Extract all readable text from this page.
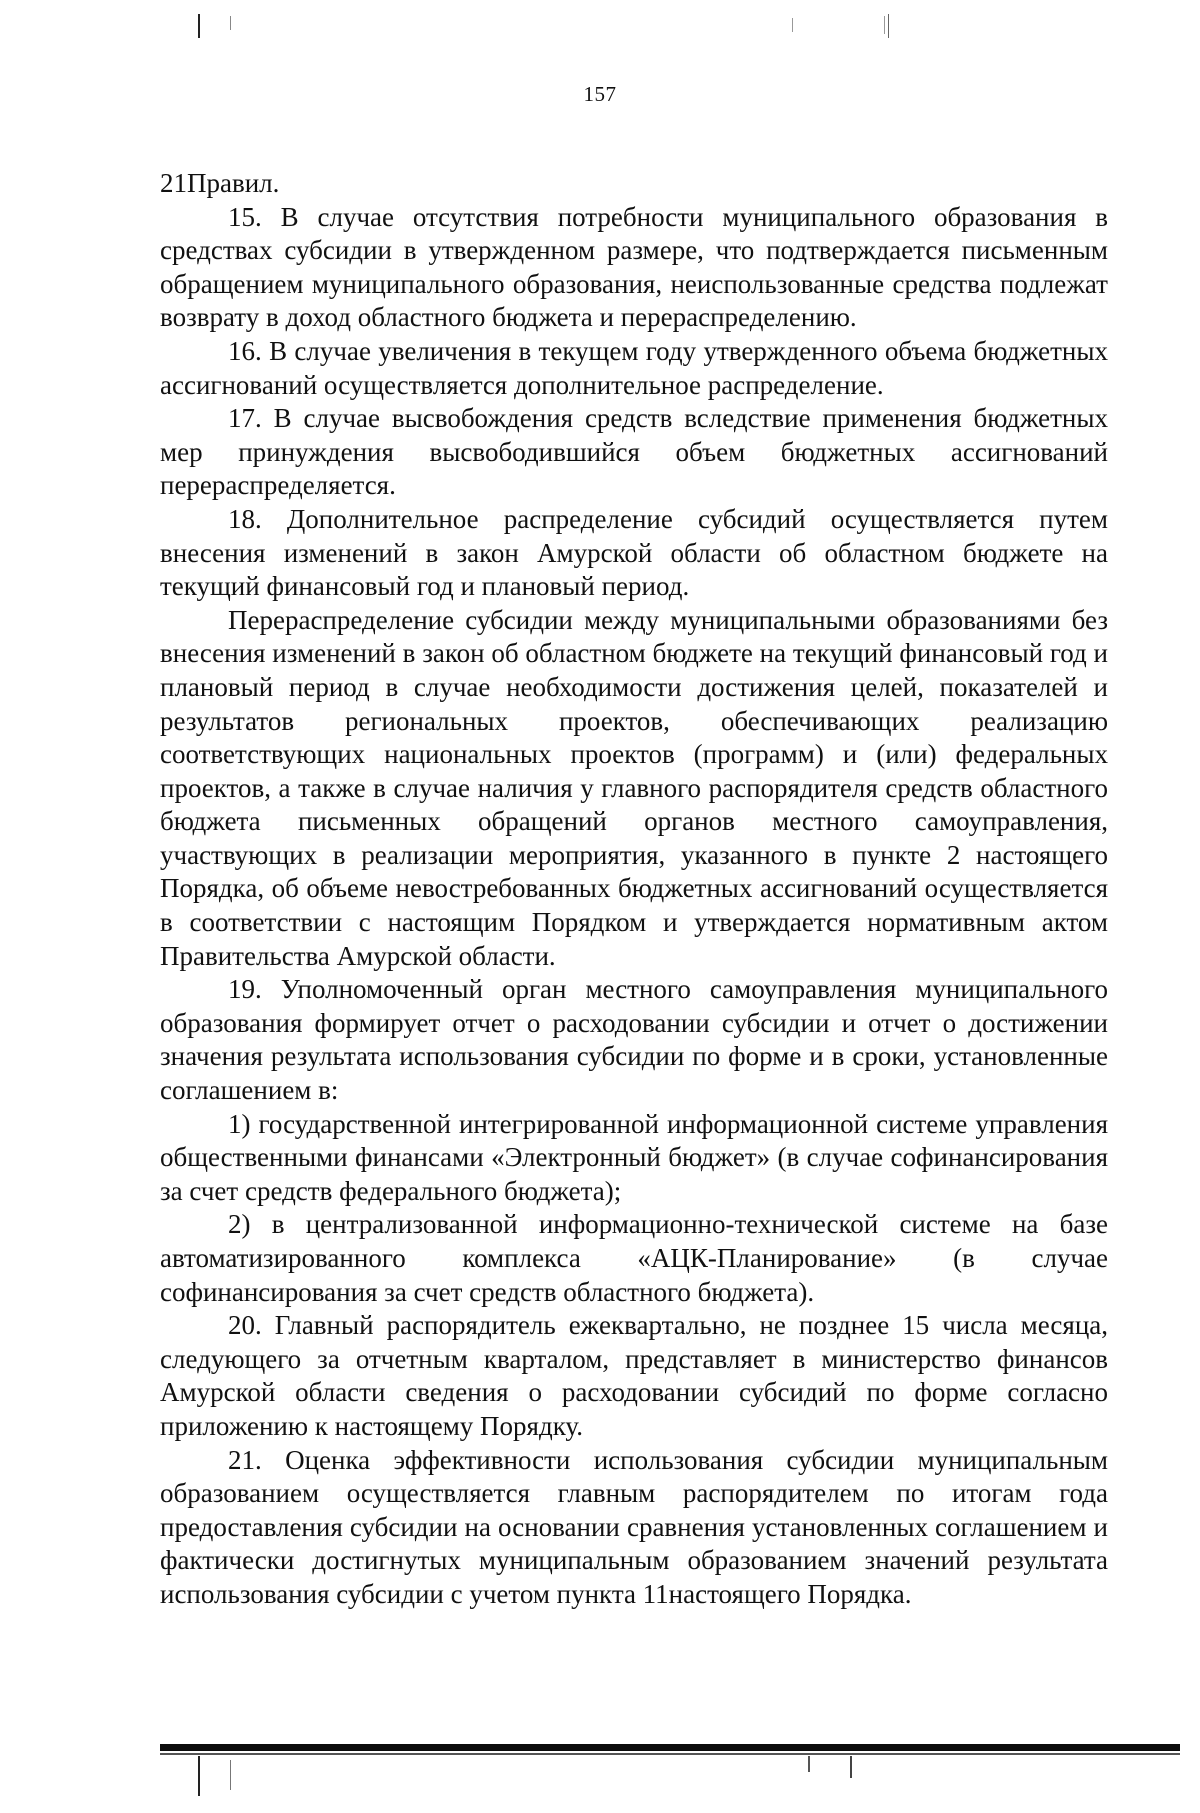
157

21Правил.

15. В случае отсутствия потребности муниципального образования в средствах субсидии в утвержденном размере, что подтверждается письменным обращением муниципального образования, неиспользованные средства подлежат возврату в доход областного бюджета и перераспределению.

16. В случае увеличения в текущем году утвержденного объема бюджетных ассигнований осуществляется дополнительное распределение.

17. В случае высвобождения средств вследствие применения бюджетных мер принуждения высвободившийся объем бюджетных ассигнований перераспределяется.

18. Дополнительное распределение субсидий осуществляется путем внесения изменений в закон Амурской области об областном бюджете на текущий финансовый год и плановый период.

Перераспределение субсидии между муниципальными образованиями без внесения изменений в закон об областном бюджете на текущий финансовый год и плановый период в случае необходимости достижения целей, показателей и результатов региональных проектов, обеспечивающих реализацию соответствующих национальных проектов (программ) и (или) федеральных проектов, а также в случае наличия у главного распорядителя средств областного бюджета письменных обращений органов местного самоуправления, участвующих в реализации мероприятия, указанного в пункте 2 настоящего Порядка, об объеме невостребованных бюджетных ассигнований осуществляется в соответствии с настоящим Порядком и утверждается нормативным актом Правительства Амурской области.

19. Уполномоченный орган местного самоуправления муниципального образования формирует отчет о расходовании субсидии и отчет о достижении значения результата использования субсидии по форме и в сроки, установленные соглашением в:

1) государственной интегрированной информационной системе управления общественными финансами «Электронный бюджет» (в случае софинансирования за счет средств федерального бюджета);

2) в централизованной информационно-технической системе на базе автоматизированного комплекса «АЦК-Планирование» (в случае софинансирования за счет средств областного бюджета).

20. Главный распорядитель ежеквартально, не позднее 15 числа месяца, следующего за отчетным кварталом, представляет в министерство финансов Амурской области сведения о расходовании субсидий по форме согласно приложению к настоящему Порядку.

21. Оценка эффективности использования субсидии муниципальным образованием осуществляется главным распорядителем по итогам года предоставления субсидии на основании сравнения установленных соглашением и фактически достигнутых муниципальным образованием значений результата использования субсидии с учетом пункта 11настоящего Порядка.
